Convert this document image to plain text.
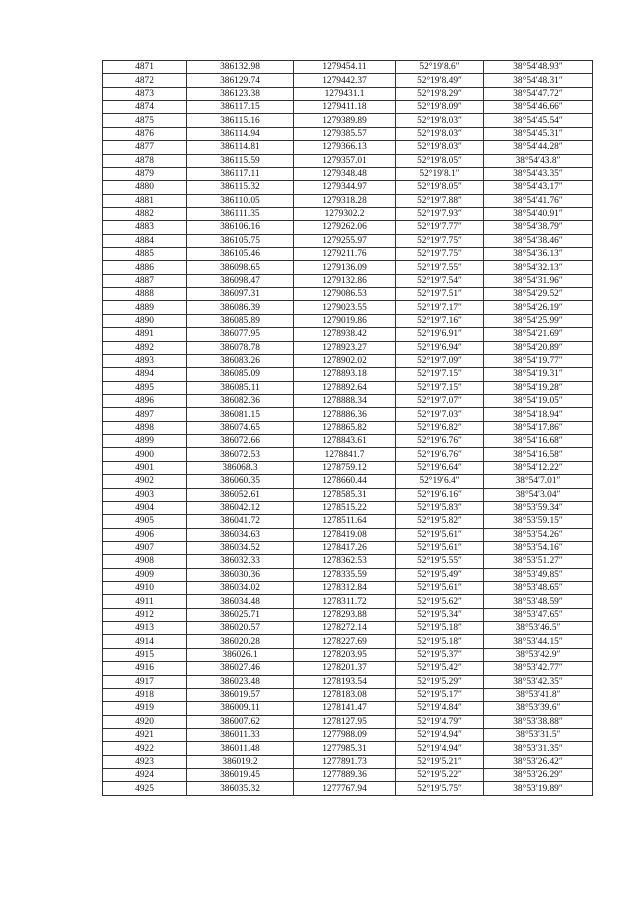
4871	386132.98	1279454.11	52°19′8.6″	38°54′48.93″
4872	386129.74	1279442.37	52°19′8.49″	38°54′48.31″
4873	386123.38	1279431.1	52°19′8.29″	38°54′47.72″
4874	386117.15	1279411.18	52°19′8.09″	38°54′46.66″
4875	386115.16	1279389.89	52°19′8.03″	38°54′45.54″
4876	386114.94	1279385.57	52°19′8.03″	38°54′45.31″
4877	386114.81	1279366.13	52°19′8.03″	38°54′44.28″
4878	386115.59	1279357.01	52°19′8.05″	38°54′43.8″
4879	386117.11	1279348.48	52°19′8.1″	38°54′43.35″
4880	386115.32	1279344.97	52°19′8.05″	38°54′43.17″
4881	386110.05	1279318.28	52°19′7.88″	38°54′41.76″
4882	386111.35	1279302.2	52°19′7.93″	38°54′40.91″
4883	386106.16	1279262.06	52°19′7.77″	38°54′38.79″
4884	386105.75	1279255.97	52°19′7.75″	38°54′38.46″
4885	386105.46	1279211.76	52°19′7.75″	38°54′36.13″
4886	386098.65	1279136.09	52°19′7.55″	38°54′32.13″
4887	386098.47	1279132.86	52°19′7.54″	38°54′31.96″
4888	386097.31	1279086.53	52°19′7.51″	38°54′29.52″
4889	386086.39	1279023.55	52°19′7.17″	38°54′26.19″
4890	386085.89	1279019.86	52°19′7.16″	38°54′25.99″
4891	386077.95	1278938.42	52°19′6.91″	38°54′21.69″
4892	386078.78	1278923.27	52°19′6.94″	38°54′20.89″
4893	386083.26	1278902.02	52°19′7.09″	38°54′19.77″
4894	386085.09	1278893.18	52°19′7.15″	38°54′19.31″
4895	386085.11	1278892.64	52°19′7.15″	38°54′19.28″
4896	386082.36	1278888.34	52°19′7.07″	38°54′19.05″
4897	386081.15	1278886.36	52°19′7.03″	38°54′18.94″
4898	386074.65	1278865.82	52°19′6.82″	38°54′17.86″
4899	386072.66	1278843.61	52°19′6.76″	38°54′16.68″
4900	386072.53	1278841.7	52°19′6.76″	38°54′16.58″
4901	386068.3	1278759.12	52°19′6.64″	38°54′12.22″
4902	386060.35	1278660.44	52°19′6.4″	38°54′7.01″
4903	386052.61	1278585.31	52°19′6.16″	38°54′3.04″
4904	386042.12	1278515.22	52°19′5.83″	38°53′59.34″
4905	386041.72	1278511.64	52°19′5.82″	38°53′59.15″
4906	386034.63	1278419.08	52°19′5.61″	38°53′54.26″
4907	386034.52	1278417.26	52°19′5.61″	38°53′54.16″
4908	386032.33	1278362.53	52°19′5.55″	38°53′51.27″
4909	386030.36	1278335.59	52°19′5.49″	38°53′49.85″
4910	386034.02	1278312.84	52°19′5.61″	38°53′48.65″
4911	386034.48	1278311.72	52°19′5.62″	38°53′48.59″
4912	386025.71	1278293.88	52°19′5.34″	38°53′47.65″
4913	386020.57	1278272.14	52°19′5.18″	38°53′46.5″
4914	386020.28	1278227.69	52°19′5.18″	38°53′44.15″
4915	386026.1	1278203.95	52°19′5.37″	38°53′42.9″
4916	386027.46	1278201.37	52°19′5.42″	38°53′42.77″
4917	386023.48	1278193.54	52°19′5.29″	38°53′42.35″
4918	386019.57	1278183.08	52°19′5.17″	38°53′41.8″
4919	386009.11	1278141.47	52°19′4.84″	38°53′39.6″
4920	386007.62	1278127.95	52°19′4.79″	38°53′38.88″
4921	386011.33	1277988.09	52°19′4.94″	38°53′31.5″
4922	386011.48	1277985.31	52°19′4.94″	38°53′31.35″
4923	386019.2	1277891.73	52°19′5.21″	38°53′26.42″
4924	386019.45	1277889.36	52°19′5.22″	38°53′26.29″
4925	386035.32	1277767.94	52°19′5.75″	38°53′19.89″
